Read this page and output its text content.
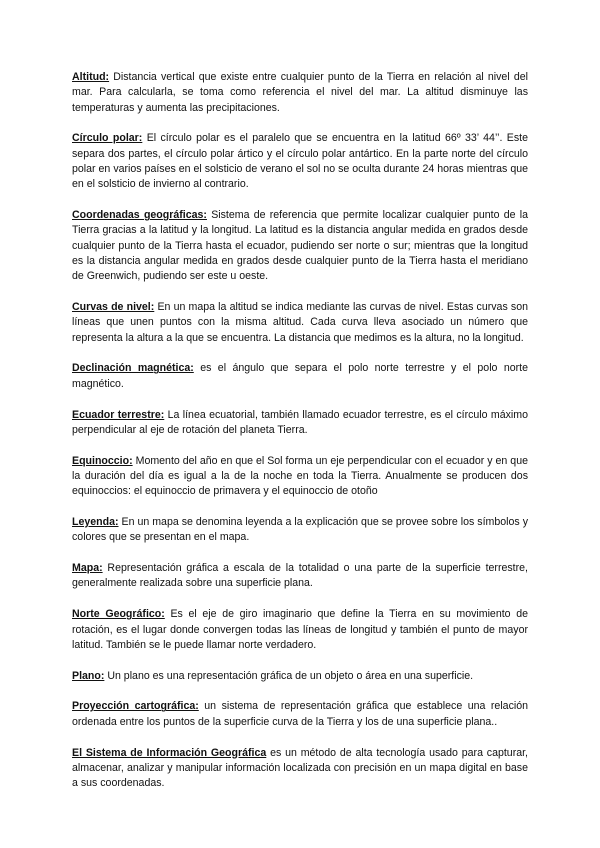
Altitud: Distancia vertical que existe entre cualquier punto de la Tierra en relación al nivel del mar. Para calcularla, se toma como referencia el nivel del mar. La altitud disminuye las temperaturas y aumenta las precipitaciones.

Círculo polar: El círculo polar es el paralelo que se encuentra en la latitud 66º 33’ 44’’. Este separa dos partes, el círculo polar ártico y el círculo polar antártico. En la parte norte del círculo polar en varios países en el solsticio de verano el sol no se oculta durante 24 horas mientras que en el solsticio de invierno al contrario.

Coordenadas geográficas: Sistema de referencia que permite localizar cualquier punto de la Tierra gracias a la latitud y la longitud. La latitud es la distancia angular medida en grados desde cualquier punto de la Tierra hasta el ecuador, pudiendo ser norte o sur; mientras que la longitud es la distancia angular medida en grados desde cualquier punto de la Tierra hasta el meridiano de Greenwich, pudiendo ser este u oeste.

Curvas de nivel: En un mapa la altitud se indica mediante las curvas de nivel. Estas curvas son líneas que unen puntos con la misma altitud. Cada curva lleva asociado un número que representa la altura a la que se encuentra. La distancia que medimos es la altura, no la longitud.

Declinación magnética: es el ángulo que separa el polo norte terrestre y el polo norte magnético.

Ecuador terrestre: La línea ecuatorial, también llamado ecuador terrestre, es el círculo máximo perpendicular al eje de rotación del planeta Tierra.

Equinoccio: Momento del año en que el Sol forma un eje perpendicular con el ecuador y en que la duración del día es igual a la de la noche en toda la Tierra. Anualmente se producen dos equinoccios: el equinoccio de primavera y el equinoccio de otoño

Leyenda: En un mapa se denomina leyenda a la explicación que se provee sobre los símbolos y colores que se presentan en el mapa.

Mapa: Representación gráfica a escala de la totalidad o una parte de la superficie terrestre, generalmente realizada sobre una superficie plana.

Norte Geográfico: Es el eje de giro imaginario que define la Tierra en su movimiento de rotación, es el lugar donde convergen todas las líneas de longitud y también el punto de mayor latitud. También se le puede llamar norte verdadero.

Plano: Un plano es una representación gráfica de un objeto o área en una superficie.

Proyección cartográfica: un sistema de representación gráfica que establece una relación ordenada entre los puntos de la superficie curva de la Tierra y los de una superficie plana..

El Sistema de Información Geográfica es un método de alta tecnología usado para capturar, almacenar, analizar y manipular información localizada con precisión en un mapa digital en base a sus coordenadas.
